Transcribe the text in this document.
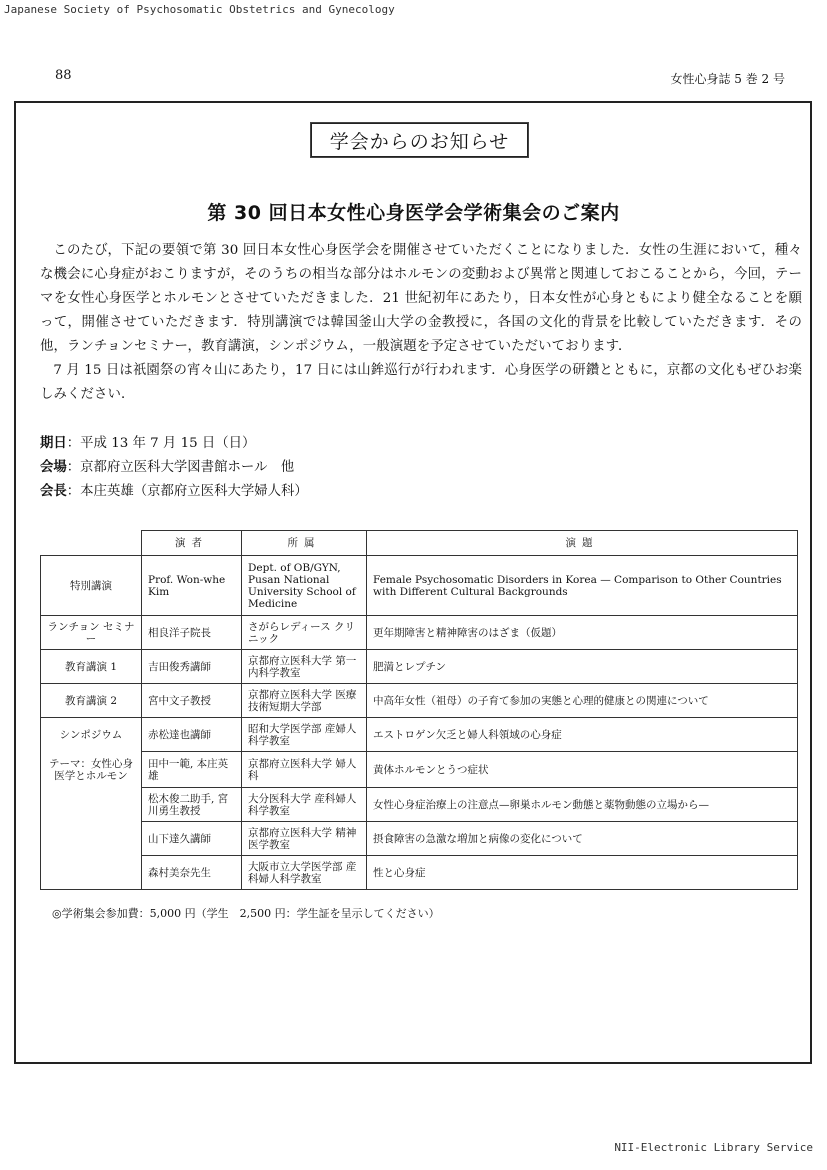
Japanese Society of Psychosomatic Obstetrics and Gynecology
88	女性心身誌 5 巻 2 号
学会からのお知らせ
第 30 回日本女性心身医学会学術集会のご案内

このたび，下記の要領で第 30 回日本女性心身医学会を開催させていただくことになりました．女性の生涯において，種々な機会に心身症がおこりますが，そのうちの相当な部分はホルモンの変動および異常と関連しておこることから，今回，テーマを女性心身医学とホルモンとさせていただきました．21 世紀初年にあたり，日本女性が心身ともにより健全なることを願って，開催させていただきます．特別講演では韓国釜山大学の金教授に，各国の文化的背景を比較していただきます．その他，ランチョンセミナー，教育講演，シンポジウム，一般演題を予定させていただいております．

7 月 15 日は祇園祭の宵々山にあたり，17 日には山鉾巡行が行われます．心身医学の研鑽とともに，京都の文化もぜひお楽しみください．

期日：平成 13 年 7 月 15 日（日）
会場：京都府立医科大学図書館ホール　他
会長：本庄英雄（京都府立医科大学婦人科）
	演者	所属	演題
特別講演	Prof. Won-whe Kim	Dept. of OB/GYN, Pusan National University School of Medicine	Female Psychosomatic Disorders in Korea — Comparison to Other Countries with Different Cultural Backgrounds
ランチョン セミナー	相良洋子院長	さがらレディース クリニック	更年期障害と精神障害のはざま（仮題）
教育講演 1	吉田俊秀講師	京都府立医科大学 第一内科学教室	肥満とレプチン
教育講演 2	宮中文子教授	京都府立医科大学 医療技術短期大学部	中高年女性（祖母）の子育て参加の実態と心理的健康との関連について
シンポジウム	赤松達也講師	昭和大学医学部 産婦人科学教室	エストロゲン欠乏と婦人科領域の心身症
テーマ：女性心身医学とホルモン	田中一範, 本庄英雄	京都府立医科大学 婦人科	黄体ホルモンとうつ症状
	松木俊二助手, 宮川勇生教授	大分医科大学 産科婦人科学教室	女性心身症治療上の注意点—卵巣ホルモン動態と薬物動態の立場から—
	山下達久講師	京都府立医科大学 精神医学教室	摂食障害の急激な増加と病像の変化について
	森村美奈先生	大阪市立大学医学部 産科婦人科学教室	性と心身症
◎学術集会参加費：5,000 円（学生　2,500 円：学生証を呈示してください）
NII-Electronic Library Service
